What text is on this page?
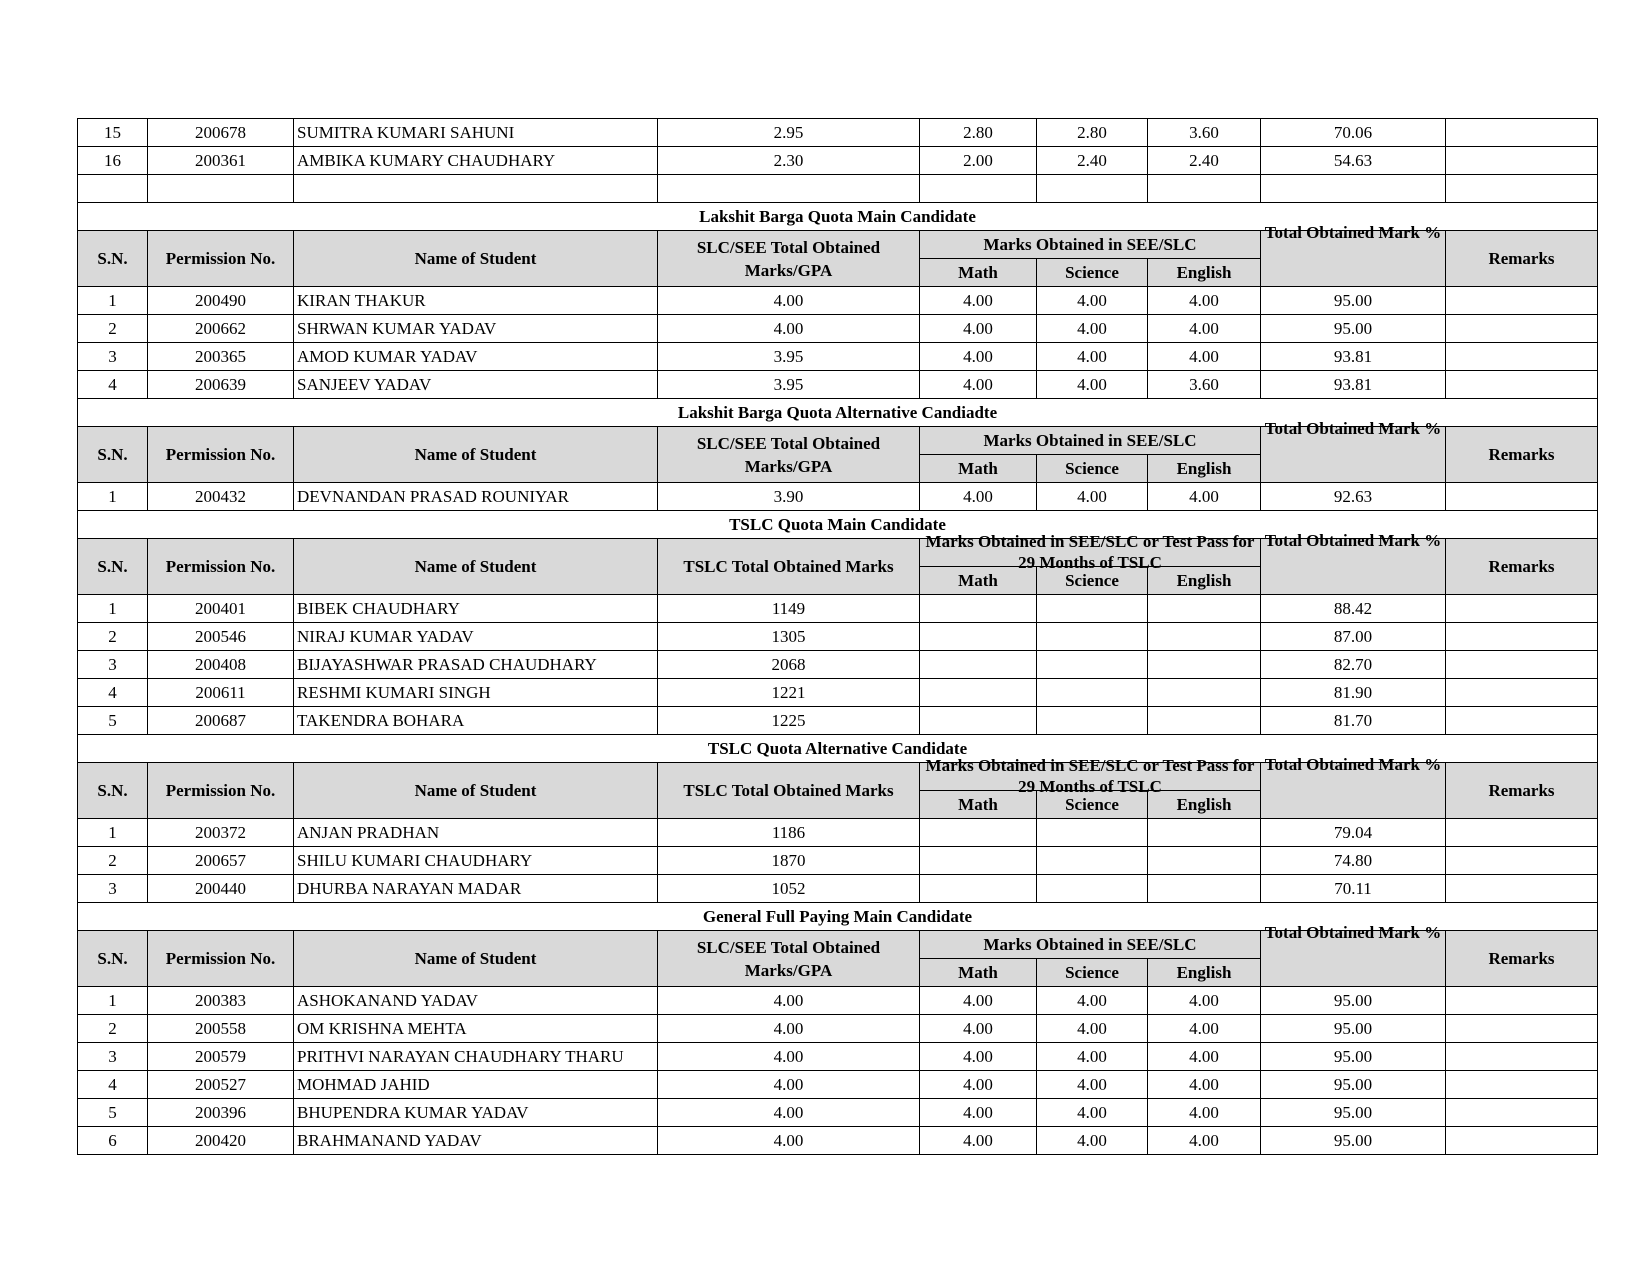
15	200678	SUMITRA KUMARI SAHUNI	2.95	2.80	2.80	3.60	70.06	
16	200361	AMBIKA KUMARY CHAUDHARY	2.30	2.00	2.40	2.40	54.63	

Lakshit Barga Quota Main Candidate								
S.N.	Permission No.	Name of Student	SLC/SEE Total Obtained Marks/GPA	Marks Obtained in SEE/SLC			Total Obtained Mark %	Remarks
				Math	Science	English		
1	200490	KIRAN THAKUR	4.00	4.00	4.00	4.00	95.00	
2	200662	SHRWAN KUMAR YADAV	4.00	4.00	4.00	4.00	95.00	
3	200365	AMOD KUMAR YADAV	3.95	4.00	4.00	4.00	93.81	
4	200639	SANJEEV YADAV	3.95	4.00	4.00	3.60	93.81	
Lakshit Barga Quota Alternative Candiadte								
S.N.	Permission No.	Name of Student	SLC/SEE Total Obtained Marks/GPA	Marks Obtained in SEE/SLC			Total Obtained Mark %	Remarks
				Math	Science	English		
1	200432	DEVNANDAN PRASAD ROUNIYAR	3.90	4.00	4.00	4.00	92.63	
TSLC Quota Main Candidate								
S.N.	Permission No.	Name of Student	TSLC Total Obtained Marks	Marks Obtained in SEE/SLC or Test Pass for 29 Months of TSLC			Total Obtained Mark %	Remarks
				Math	Science	English		
1	200401	BIBEK CHAUDHARY	1149				88.42	
2	200546	NIRAJ KUMAR YADAV	1305				87.00	
3	200408	BIJAYASHWAR PRASAD CHAUDHARY	2068				82.70	
4	200611	RESHMI KUMARI SINGH	1221				81.90	
5	200687	TAKENDRA BOHARA	1225				81.70	
TSLC Quota Alternative Candidate								
S.N.	Permission No.	Name of Student	TSLC Total Obtained Marks	Marks Obtained in SEE/SLC or Test Pass for 29 Months of TSLC			Total Obtained Mark %	Remarks
				Math	Science	English		
1	200372	ANJAN PRADHAN	1186				79.04	
2	200657	SHILU KUMARI CHAUDHARY	1870				74.80	
3	200440	DHURBA NARAYAN MADAR	1052				70.11	
General Full Paying Main Candidate								
S.N.	Permission No.	Name of Student	SLC/SEE Total Obtained Marks/GPA	Marks Obtained in SEE/SLC			Total Obtained Mark %	Remarks
				Math	Science	English		
1	200383	ASHOKANAND YADAV	4.00	4.00	4.00	4.00	95.00	
2	200558	OM KRISHNA MEHTA	4.00	4.00	4.00	4.00	95.00	
3	200579	PRITHVI NARAYAN CHAUDHARY THARU	4.00	4.00	4.00	4.00	95.00	
4	200527	MOHMAD JAHID	4.00	4.00	4.00	4.00	95.00	
5	200396	BHUPENDRA KUMAR YADAV	4.00	4.00	4.00	4.00	95.00	
6	200420	BRAHMANAND YADAV	4.00	4.00	4.00	4.00	95.00	
